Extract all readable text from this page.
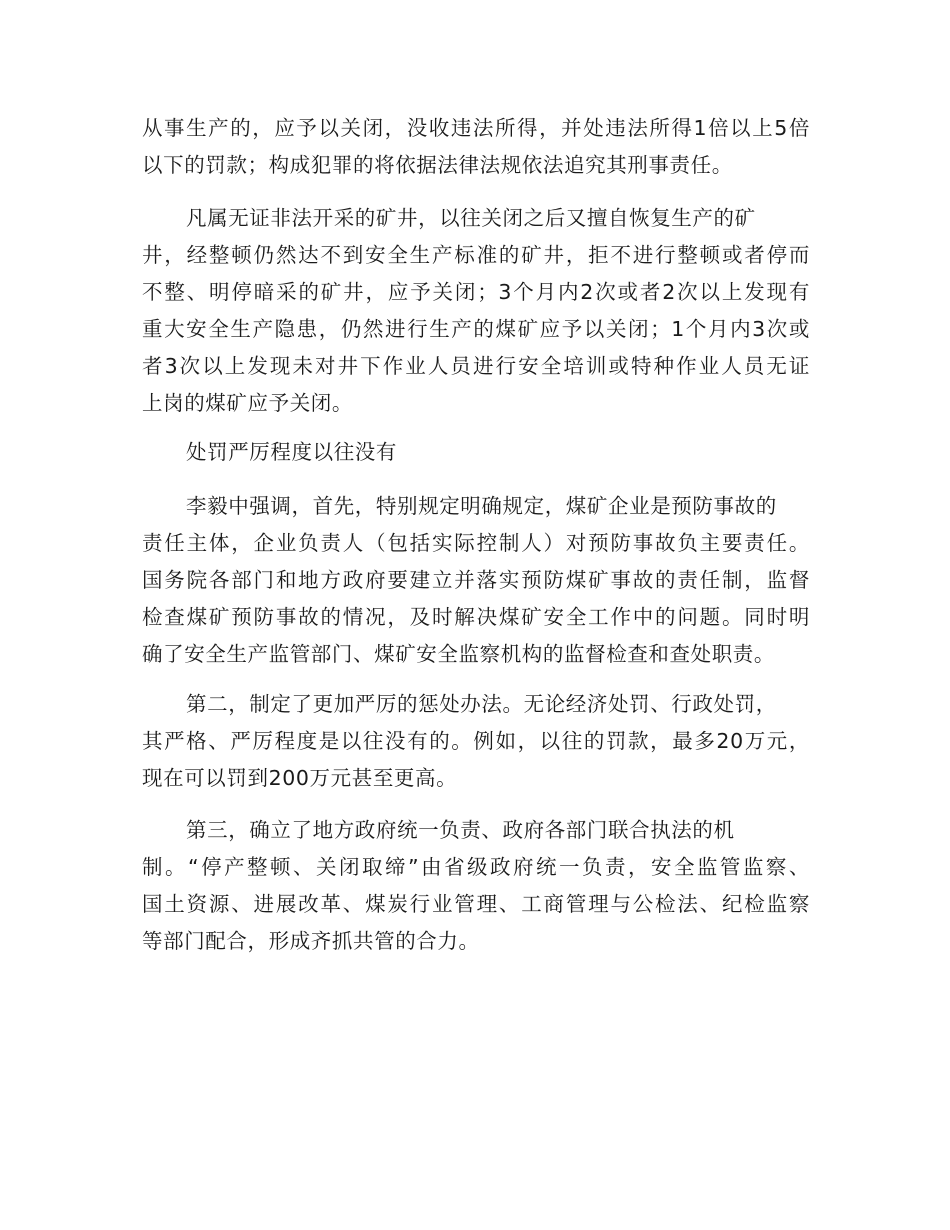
从事生产的，应予以关闭，没收违法所得，并处违法所得1倍以上5倍
以下的罚款；构成犯罪的将依据法律法规依法追究其刑事责任。
凡属无证非法开采的矿井，以往关闭之后又擅自恢复生产的矿
井，经整顿仍然达不到安全生产标准的矿井，拒不进行整顿或者停而
不整、明停暗采的矿井，应予关闭；3个月内2次或者2次以上发现有
重大安全生产隐患，仍然进行生产的煤矿应予以关闭；1个月内3次或
者3次以上发现未对井下作业人员进行安全培训或特种作业人员无证
上岗的煤矿应予关闭。
处罚严厉程度以往没有
李毅中强调，首先，特别规定明确规定，煤矿企业是预防事故的
责任主体，企业负责人（包括实际控制人）对预防事故负主要责任。
国务院各部门和地方政府要建立并落实预防煤矿事故的责任制，监督
检查煤矿预防事故的情况，及时解决煤矿安全工作中的问题。同时明
确了安全生产监管部门、煤矿安全监察机构的监督检查和查处职责。
第二，制定了更加严厉的惩处办法。无论经济处罚、行政处罚，
其严格、严厉程度是以往没有的。例如，以往的罚款，最多20万元，
现在可以罚到200万元甚至更高。
第三，确立了地方政府统一负责、政府各部门联合执法的机
制。“停产整顿、关闭取缔”由省级政府统一负责，安全监管监察、
国土资源、进展改革、煤炭行业管理、工商管理与公检法、纪检监察
等部门配合，形成齐抓共管的合力。
